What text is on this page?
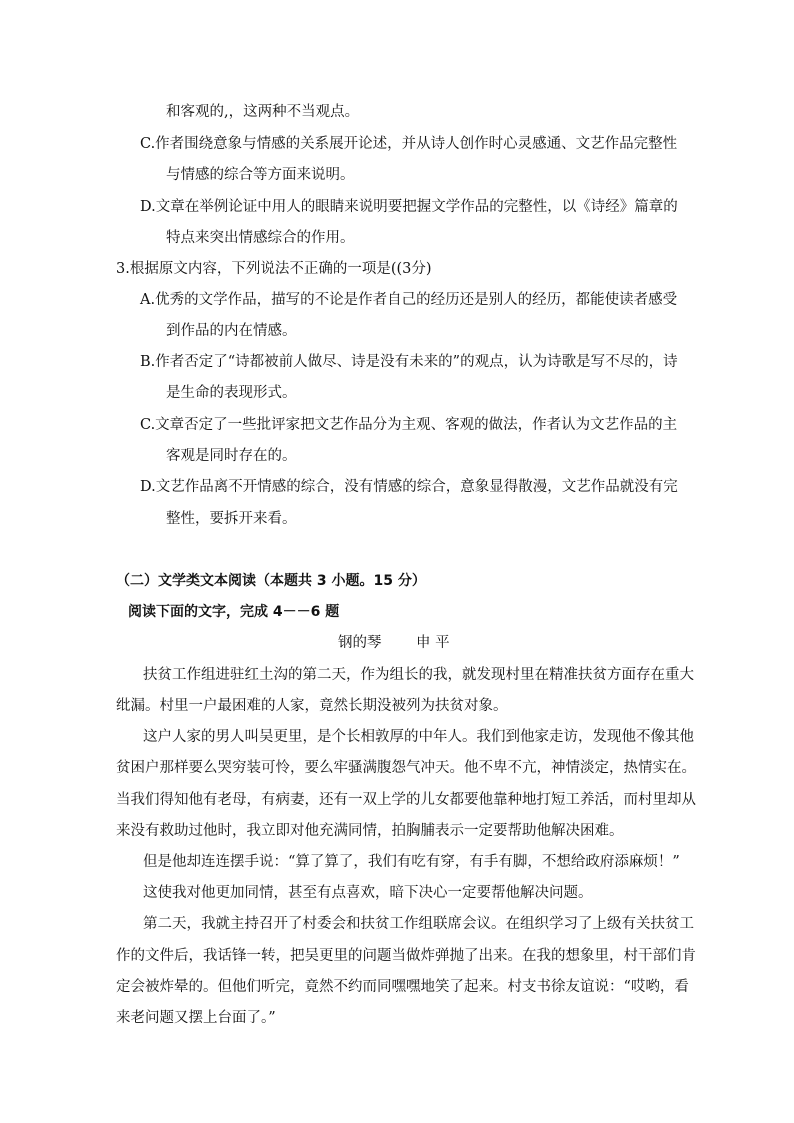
和客观的,，这两种不当观点。
C.作者围绕意象与情感的关系展开论述，并从诗人创作时心灵感通、文艺作品完整性
与情感的综合等方面来说明。
D.文章在举例论证中用人的眼睛来说明要把握文学作品的完整性，以《诗经》篇章的
特点来突出情感综合的作用。
3.根据原文内容，下列说法不正确的一项是((3分)
A.优秀的文学作品，描写的不论是作者自己的经历还是别人的经历，都能使读者感受
到作品的内在情感。
B.作者否定了“诗都被前人做尽、诗是没有未来的”的观点，认为诗歌是写不尽的，诗
是生命的表现形式。
C.文章否定了一些批评家把文艺作品分为主观、客观的做法，作者认为文艺作品的主
客观是同时存在的。
D.文艺作品离不开情感的综合，没有情感的综合，意象显得散漫，文艺作品就没有完
整性，要拆开来看。
（二）文学类文本阅读（本题共 3 小题。15 分）
阅读下面的文字，完成 4－－6 题
钢的琴 申 平
扶贫工作组进驻红土沟的第二天，作为组长的我，就发现村里在精准扶贫方面存在重大
纰漏。村里一户最困难的人家，竟然长期没被列为扶贫对象。
这户人家的男人叫吴更里，是个长相敦厚的中年人。我们到他家走访，发现他不像其他
贫困户那样要么哭穷装可怜，要么牢骚满腹怨气冲天。他不卑不亢，神情淡定，热情实在。
当我们得知他有老母，有病妻，还有一双上学的儿女都要他靠种地打短工养活，而村里却从
来没有救助过他时，我立即对他充满同情，拍胸脯表示一定要帮助他解决困难。
但是他却连连摆手说：“算了算了，我们有吃有穿，有手有脚，不想给政府添麻烦！”
这使我对他更加同情，甚至有点喜欢，暗下决心一定要帮他解决问题。
第二天，我就主持召开了村委会和扶贫工作组联席会议。在组织学习了上级有关扶贫工
作的文件后，我话锋一转，把吴更里的问题当做炸弹抛了出来。在我的想象里，村干部们肯
定会被炸晕的。但他们听完，竟然不约而同嘿嘿地笑了起来。村支书徐友谊说：“哎哟，看
来老问题又摆上台面了。”
